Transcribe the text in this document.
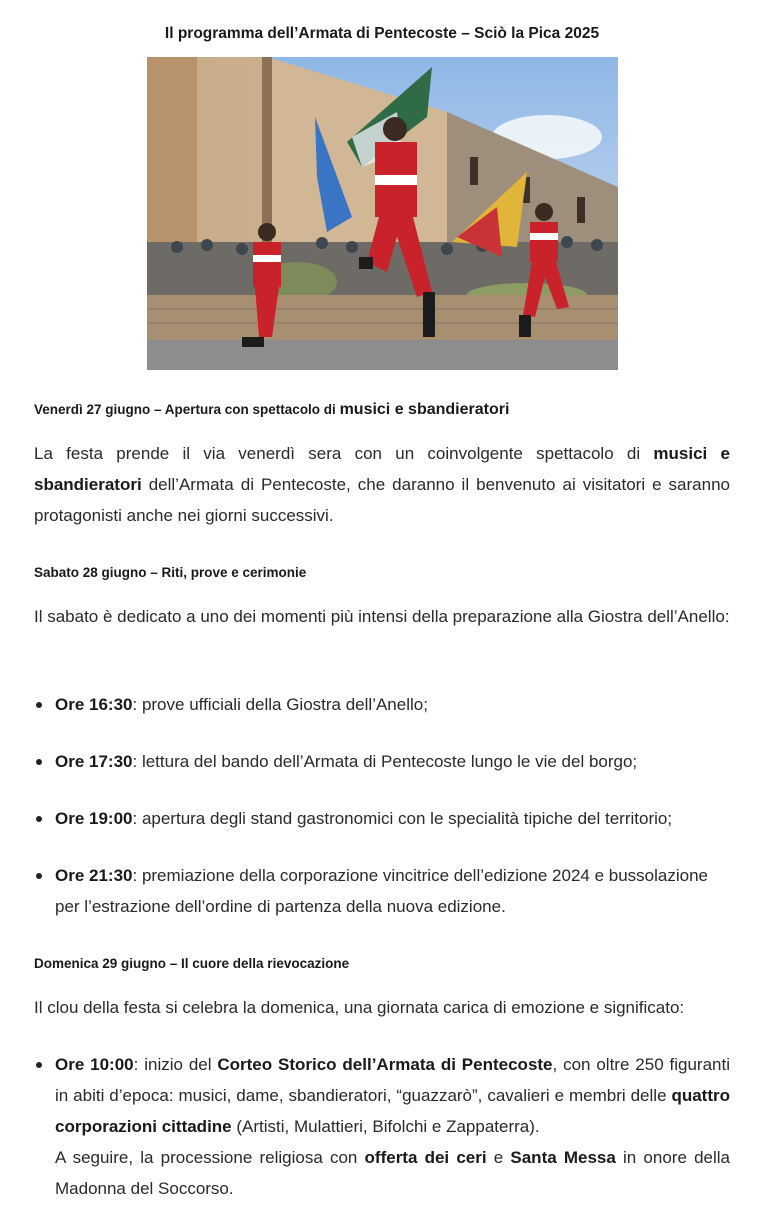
Il programma dell’Armata di Pentecoste – Sciò la Pica 2025
Venerdì 27 giugno – Apertura con spettacolo di musici e sbandieratori

La festa prende il via venerdì sera con un coinvolgente spettacolo di musici e sbandieratori dell’Armata di Pentecoste, che daranno il benvenuto ai visitatori e saranno protagonisti anche nei giorni successivi.

Sabato 28 giugno – Riti, prove e cerimonie

Il sabato è dedicato a uno dei momenti più intensi della preparazione alla Giostra dell’Anello:

Ore 16:30: prove ufficiali della Giostra dell’Anello;

Ore 17:30: lettura del bando dell’Armata di Pentecoste lungo le vie del borgo;

Ore 19:00: apertura degli stand gastronomici con le specialità tipiche del territorio;

Ore 21:30: premiazione della corporazione vincitrice dell’edizione 2024 e bussolazione per l’estrazione dell’ordine di partenza della nuova edizione.

Domenica 29 giugno – Il cuore della rievocazione

Il clou della festa si celebra la domenica, una giornata carica di emozione e significato:

Ore 10:00: inizio del Corteo Storico dell’Armata di Pentecoste, con oltre 250 figuranti in abiti d’epoca: musici, dame, sbandieratori, “guazzarò”, cavalieri e membri delle quattro corporazioni cittadine (Artisti, Mulattieri, Bifolchi e Zappaterra).
A seguire, la processione religiosa con offerta dei ceri e Santa Messa in onore della Madonna del Soccorso.
